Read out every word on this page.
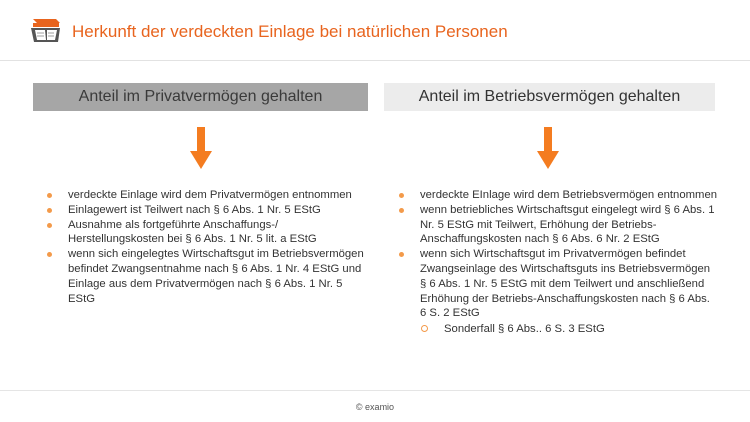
Herkunft der verdeckten Einlage bei natürlichen Personen
Anteil im Privatvermögen gehalten	Anteil im Betriebsvermögen gehalten
verdeckte Einlage wird dem Privatvermögen entnommen
Einlagewert ist Teilwert nach § 6 Abs. 1 Nr. 5 EStG
Ausnahme als fortgeführte Anschaffungs-/ Herstellungskosten bei § 6 Abs. 1 Nr. 5 lit. a EStG
wenn sich eingelegtes Wirtschaftsgut im Betriebsvermögen befindet Zwangsentnahme nach § 6 Abs. 1 Nr. 4 EStG und Einlage aus dem Privatvermögen nach § 6 Abs. 1 Nr. 5 EStG
verdeckte EInlage wird dem Betriebsvermögen entnommen
wenn betriebliches Wirtschaftsgut eingelegt wird § 6 Abs. 1 Nr. 5 EStG mit Teilwert, Erhöhung der Betriebs-Anschaffungskosten nach § 6 Abs. 6 Nr. 2 EStG
wenn sich Wirtschaftsgut im Privatvermögen befindet Zwangseinlage des Wirtschaftsguts ins Betriebsvermögen § 6 Abs. 1 Nr. 5 EStG mit dem Teilwert und anschließend Erhöhung der Betriebs-Anschaffungskosten nach § 6 Abs. 6 S. 2 EStG
Sonderfall § 6 Abs.. 6 S. 3 EStG
© examio
